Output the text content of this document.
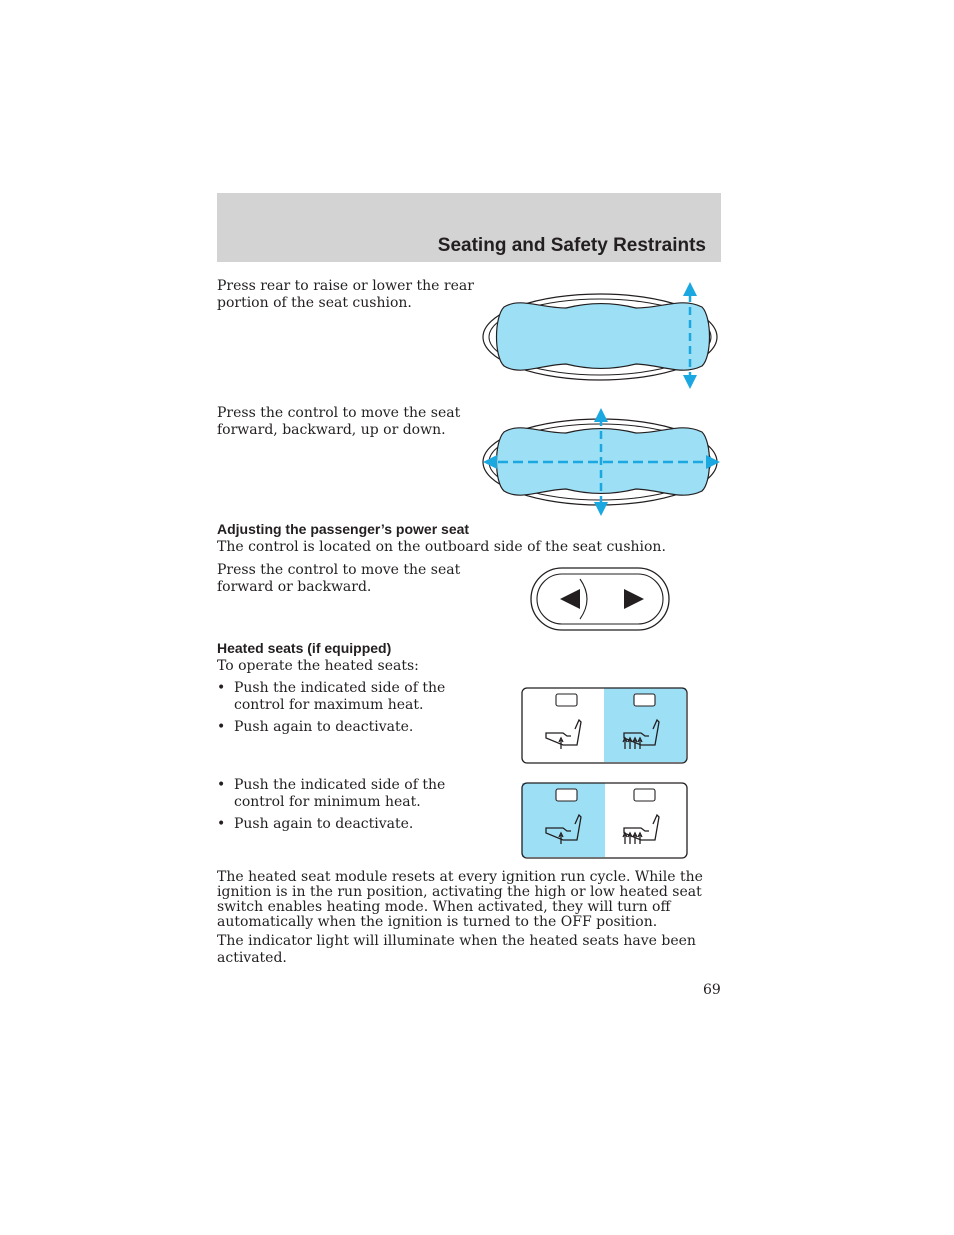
Seating and Safety Restraints
Press rear to raise or lower the rear
portion of the seat cushion.
Press the control to move the seat
forward, backward, up or down.
Adjusting the passenger’s power seat
The control is located on the outboard side of the seat cushion.
Press the control to move the seat
forward or backward.
Heated seats (if equipped)
To operate the heated seats:
• Push the indicated side of the
control for maximum heat.
• Push again to deactivate.
• Push the indicated side of the
control for minimum heat.
• Push again to deactivate.
The heated seat module resets at every ignition run cycle. While the
ignition is in the run position, activating the high or low heated seat
switch enables heating mode. When activated, they will turn off
automatically when the ignition is turned to the OFF position.
The indicator light will illuminate when the heated seats have been
activated.
69
